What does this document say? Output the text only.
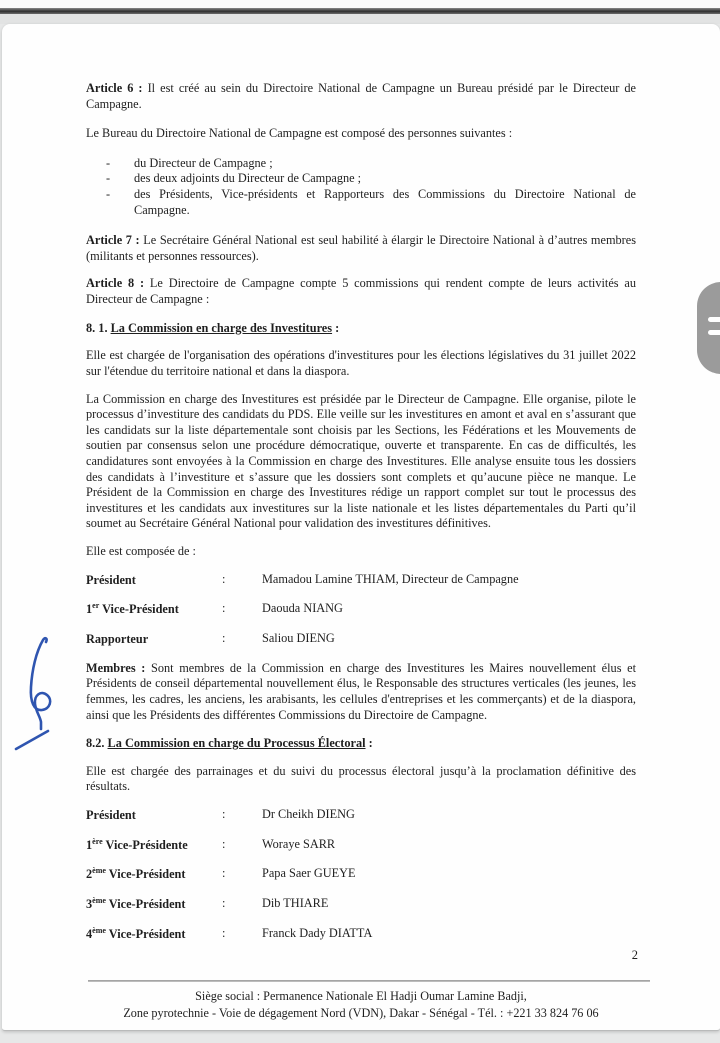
Article 6 : Il est créé au sein du Directoire National de Campagne un Bureau présidé par le Directeur de Campagne.

Le Bureau du Directoire National de Campagne est composé des personnes suivantes :

- du Directeur de Campagne ;
- des deux adjoints du Directeur de Campagne ;
- des Présidents, Vice-présidents et Rapporteurs des Commissions du Directoire National de Campagne.

Article 7 : Le Secrétaire Général National est seul habilité à élargir le Directoire National à d’autres membres (militants et personnes ressources).

Article 8 : Le Directoire de Campagne compte 5 commissions qui rendent compte de leurs activités au Directeur de Campagne :

8. 1. La Commission en charge des Investitures :

Elle est chargée de l'organisation des opérations d'investitures pour les élections législatives du 31 juillet 2022 sur l'étendue du territoire national et dans la diaspora.

La Commission en charge des Investitures est présidée par le Directeur de Campagne. Elle organise, pilote le processus d’investiture des candidats du PDS. Elle veille sur les investitures en amont et aval en s’assurant que les candidats sur la liste départementale sont choisis par les Sections, les Fédérations et les Mouvements de soutien par consensus selon une procédure démocratique, ouverte et transparente. En cas de difficultés, les candidatures sont envoyées à la Commission en charge des Investitures. Elle analyse ensuite tous les dossiers des candidats à l’investiture et s’assure que les dossiers sont complets et qu’aucune pièce ne manque. Le Président de la Commission en charge des Investitures rédige un rapport complet sur tout le processus des investitures et les candidats aux investitures sur la liste nationale et les listes départementales du Parti qu’il soumet au Secrétaire Général National pour validation des investitures définitives.

Elle est composée de :

Président	:	Mamadou Lamine THIAM, Directeur de Campagne
1er Vice-Président	:	Daouda NIANG
Rapporteur	:	Saliou DIENG

Membres : Sont membres de la Commission en charge des Investitures les Maires nouvellement élus et Présidents de conseil départemental nouvellement élus, le Responsable des structures verticales (les jeunes, les femmes, les cadres, les anciens, les arabisants, les cellules d'entreprises et les commerçants) et de la diaspora, ainsi que les Présidents des différentes Commissions du Directoire de Campagne.

8.2. La Commission en charge du Processus Électoral :

Elle est chargée des parrainages et du suivi du processus électoral jusqu’à la proclamation définitive des résultats.

Président	:	Dr Cheikh DIENG
1ère Vice-Présidente	:	Woraye SARR
2ème Vice-Président	:	Papa Saer GUEYE
3ème Vice-Président	:	Dib THIARE
4ème Vice-Président	:	Franck Dady DIATTA
2
Siège social : Permanence Nationale El Hadji Oumar Lamine Badji,
Zone pyrotechnie - Voie de dégagement Nord (VDN), Dakar - Sénégal - Tél. : +221 33 824 76 06
